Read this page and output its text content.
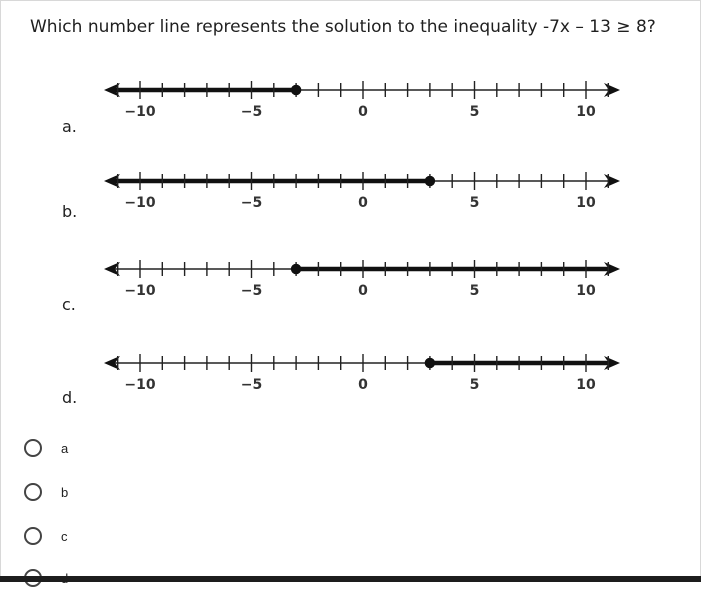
Which number line represents the solution to the inequality -7x – 13 ≥ 8?
−10	−5	0	5	10
a.
−10	−5	0	5	10
b.
−10	−5	0	5	10
c.
−10	−5	0	5	10
d.
a
b
c
